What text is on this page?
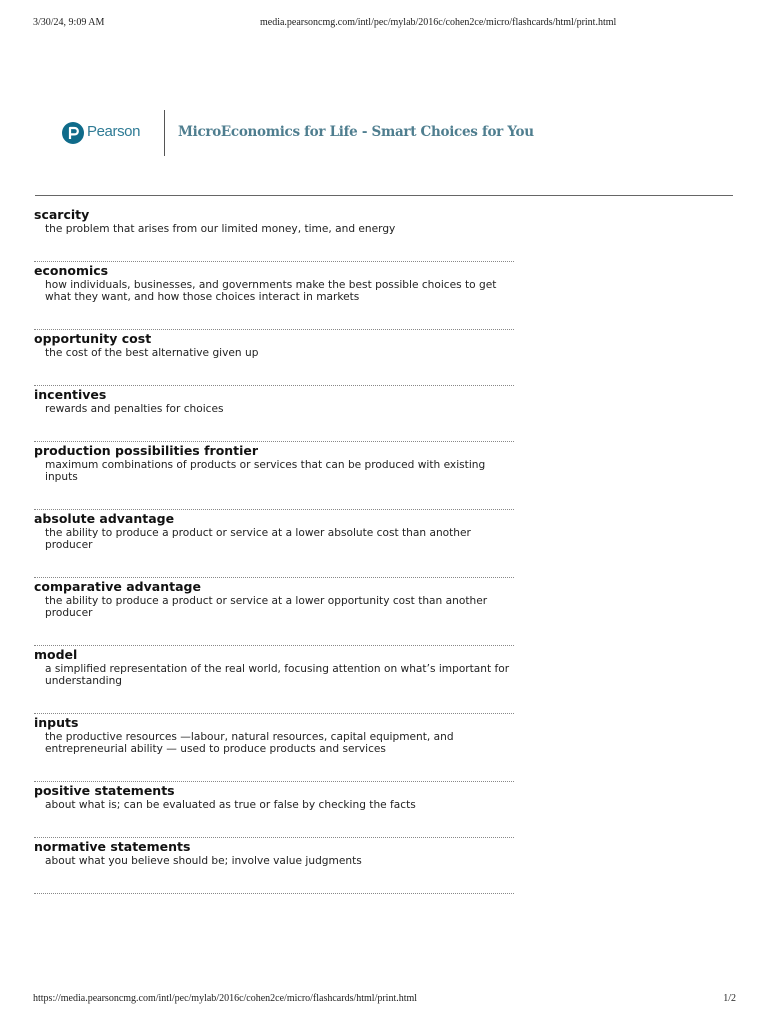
3/30/24, 9:09 AM	media.pearsoncmg.com/intl/pec/mylab/2016c/cohen2ce/micro/flashcards/html/print.html
Pearson	MicroEconomics for Life - Smart Choices for You
scarcity
the problem that arises from our limited money, time, and energy
economics
how individuals, businesses, and governments make the best possible choices to get what they want, and how those choices interact in markets
opportunity cost
the cost of the best alternative given up
incentives
rewards and penalties for choices
production possibilities frontier
maximum combinations of products or services that can be produced with existing inputs
absolute advantage
the ability to produce a product or service at a lower absolute cost than another producer
comparative advantage
the ability to produce a product or service at a lower opportunity cost than another producer
model
a simplified representation of the real world, focusing attention on what’s important for understanding
inputs
the productive resources —labour, natural resources, capital equipment, and entrepreneurial ability — used to produce products and services
positive statements
about what is; can be evaluated as true or false by checking the facts
normative statements
about what you believe should be; involve value judgments
https://media.pearsoncmg.com/intl/pec/mylab/2016c/cohen2ce/micro/flashcards/html/print.html	1/2
